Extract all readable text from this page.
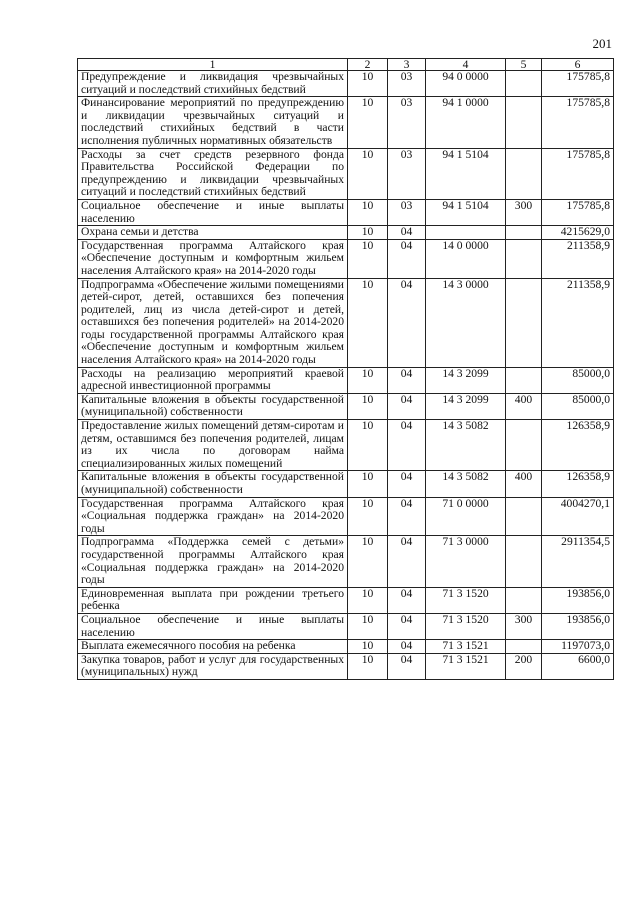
201
1	2	3	4	5	6
Предупреждение и ликвидация чрезвычайных ситуаций и последствий стихийных бедствий	10	03	94 0 0000		175785,8
Финансирование мероприятий по предупреждению и ликвидации чрезвычайных ситуаций и последствий стихийных бедствий в части исполнения публичных нормативных обязательств	10	03	94 1 0000		175785,8
Расходы за счет средств резервного фонда Правительства Российской Федерации по предупреждению и ликвидации чрезвычайных ситуаций и последствий стихийных бедствий	10	03	94 1 5104		175785,8
Социальное обеспечение и иные выплаты населению	10	03	94 1 5104	300	175785,8
Охрана семьи и детства	10	04			4215629,0
Государственная программа Алтайского края «Обеспечение доступным и комфортным жильем населения Алтайского края» на 2014-2020 годы	10	04	14 0 0000		211358,9
Подпрограмма «Обеспечение жилыми помещениями детей-сирот, детей, оставшихся без попечения родителей, лиц из числа детей-сирот и детей, оставшихся без попечения родителей» на 2014-2020 годы государственной программы Алтайского края «Обеспечение доступным и комфортным жильем населения Алтайского края» на 2014-2020 годы	10	04	14 3 0000		211358,9
Расходы на реализацию мероприятий краевой адресной инвестиционной программы	10	04	14 3 2099		85000,0
Капитальные вложения в объекты государственной (муниципальной) собственности	10	04	14 3 2099	400	85000,0
Предоставление жилых помещений детям-сиротам и детям, оставшимся без попечения родителей, лицам из их числа по договорам найма специализированных жилых помещений	10	04	14 3 5082		126358,9
Капитальные вложения в объекты государственной (муниципальной) собственности	10	04	14 3 5082	400	126358,9
Государственная программа Алтайского края «Социальная поддержка граждан» на 2014-2020 годы	10	04	71 0 0000		4004270,1
Подпрограмма «Поддержка семей с детьми» государственной программы Алтайского края «Социальная поддержка граждан» на 2014-2020 годы	10	04	71 3 0000		2911354,5
Единовременная выплата при рождении третьего ребенка	10	04	71 3 1520		193856,0
Социальное обеспечение и иные выплаты населению	10	04	71 3 1520	300	193856,0
Выплата ежемесячного пособия на ребенка	10	04	71 3 1521		1197073,0
Закупка товаров, работ и услуг для государственных (муниципальных) нужд	10	04	71 3 1521	200	6600,0
